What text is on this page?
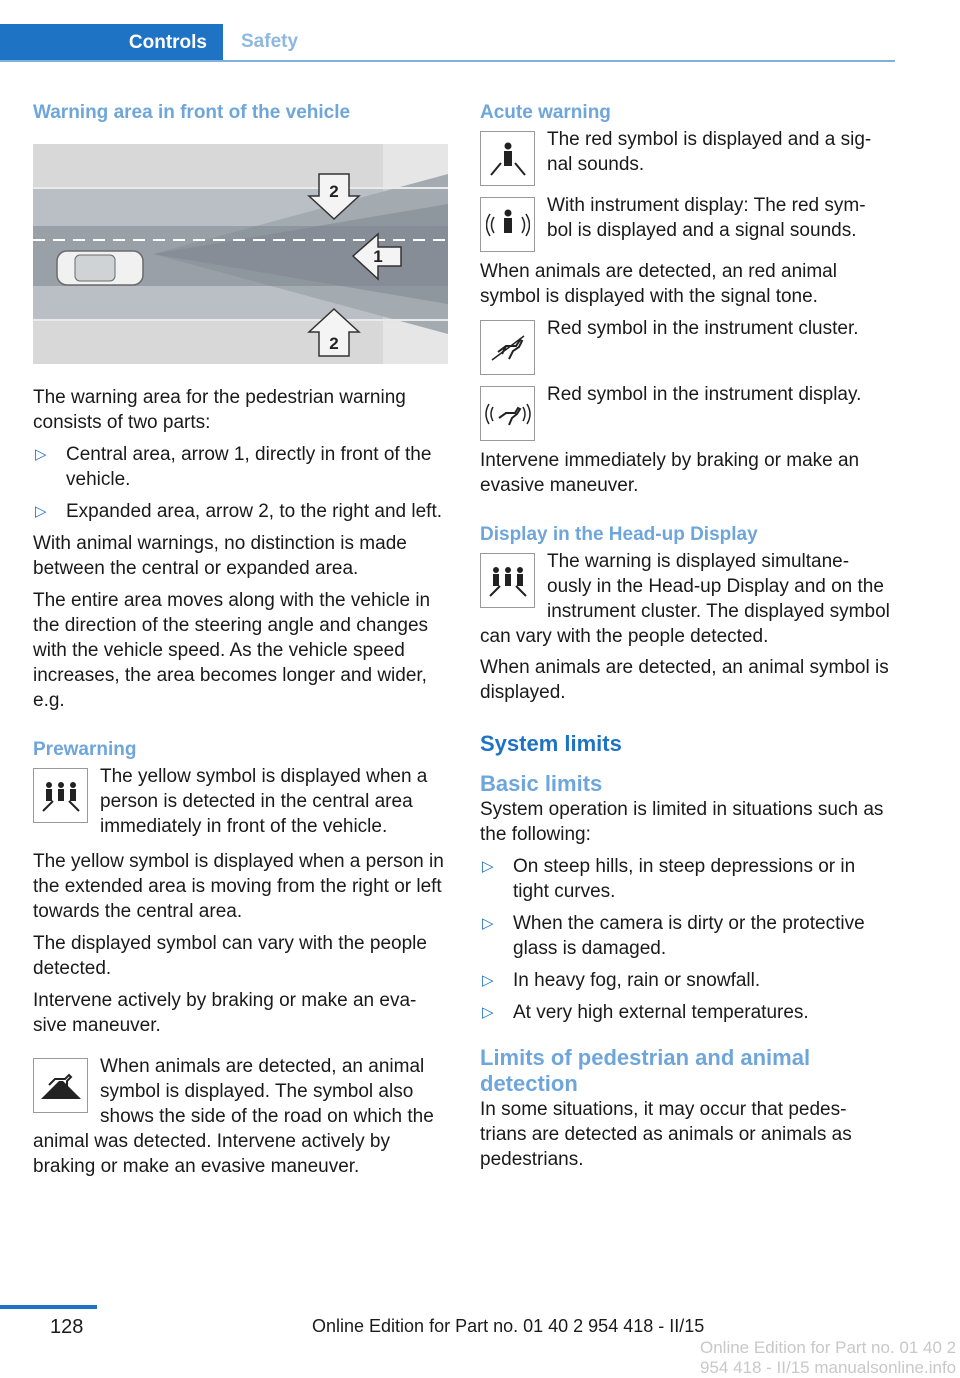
Controls	Safety
Warning area in front of the vehicle
2
1
2

The warning area for the pedestrian warning consists of two parts:

▷ Central area, arrow 1, directly in front of the vehicle.
▷ Expanded area, arrow 2, to the right and left.

With animal warnings, no distinction is made between the central or expanded area.

The entire area moves along with the vehicle in the direction of the steering angle and changes with the vehicle speed. As the vehicle speed increases, the area becomes longer and wider, e.g.

Prewarning
The yellow symbol is displayed when a person is detected in the central area immediately in front of the vehicle.

The yellow symbol is displayed when a person in the extended area is moving from the right or left towards the central area.

The displayed symbol can vary with the people detected.

Intervene actively by braking or make an eva‐sive maneuver.

When animals are detected, an animal symbol is displayed. The symbol also shows the side of the road on which the animal was detected. Intervene actively by braking or make an evasive maneuver.
Acute warning
The red symbol is displayed and a sig‐nal sounds.
With instrument display: The red sym‐bol is displayed and a signal sounds.

When animals are detected, an red animal symbol is displayed with the signal tone.

Red symbol in the instrument cluster.
Red symbol in the instrument display.

Intervene immediately by braking or make an evasive maneuver.

Display in the Head-up Display
The warning is displayed simultane‐ously in the Head-up Display and on the instrument cluster. The displayed symbol can vary with the people detected.

When animals are detected, an animal symbol is displayed.

System limits
Basic limits

System operation is limited in situations such as the following:

▷ On steep hills, in steep depressions or in tight curves.
▷ When the camera is dirty or the protective glass is damaged.
▷ In heavy fog, rain or snowfall.
▷ At very high external temperatures.
Limits of pedestrian and animal detection

In some situations, it may occur that pedes‐trians are detected as animals or animals as pedestrians.

128	Online Edition for Part no. 01 40 2 954 418 - II/15
Online Edition for Part no. 01 40 2 954 418 - II/15 manualsonline.info
